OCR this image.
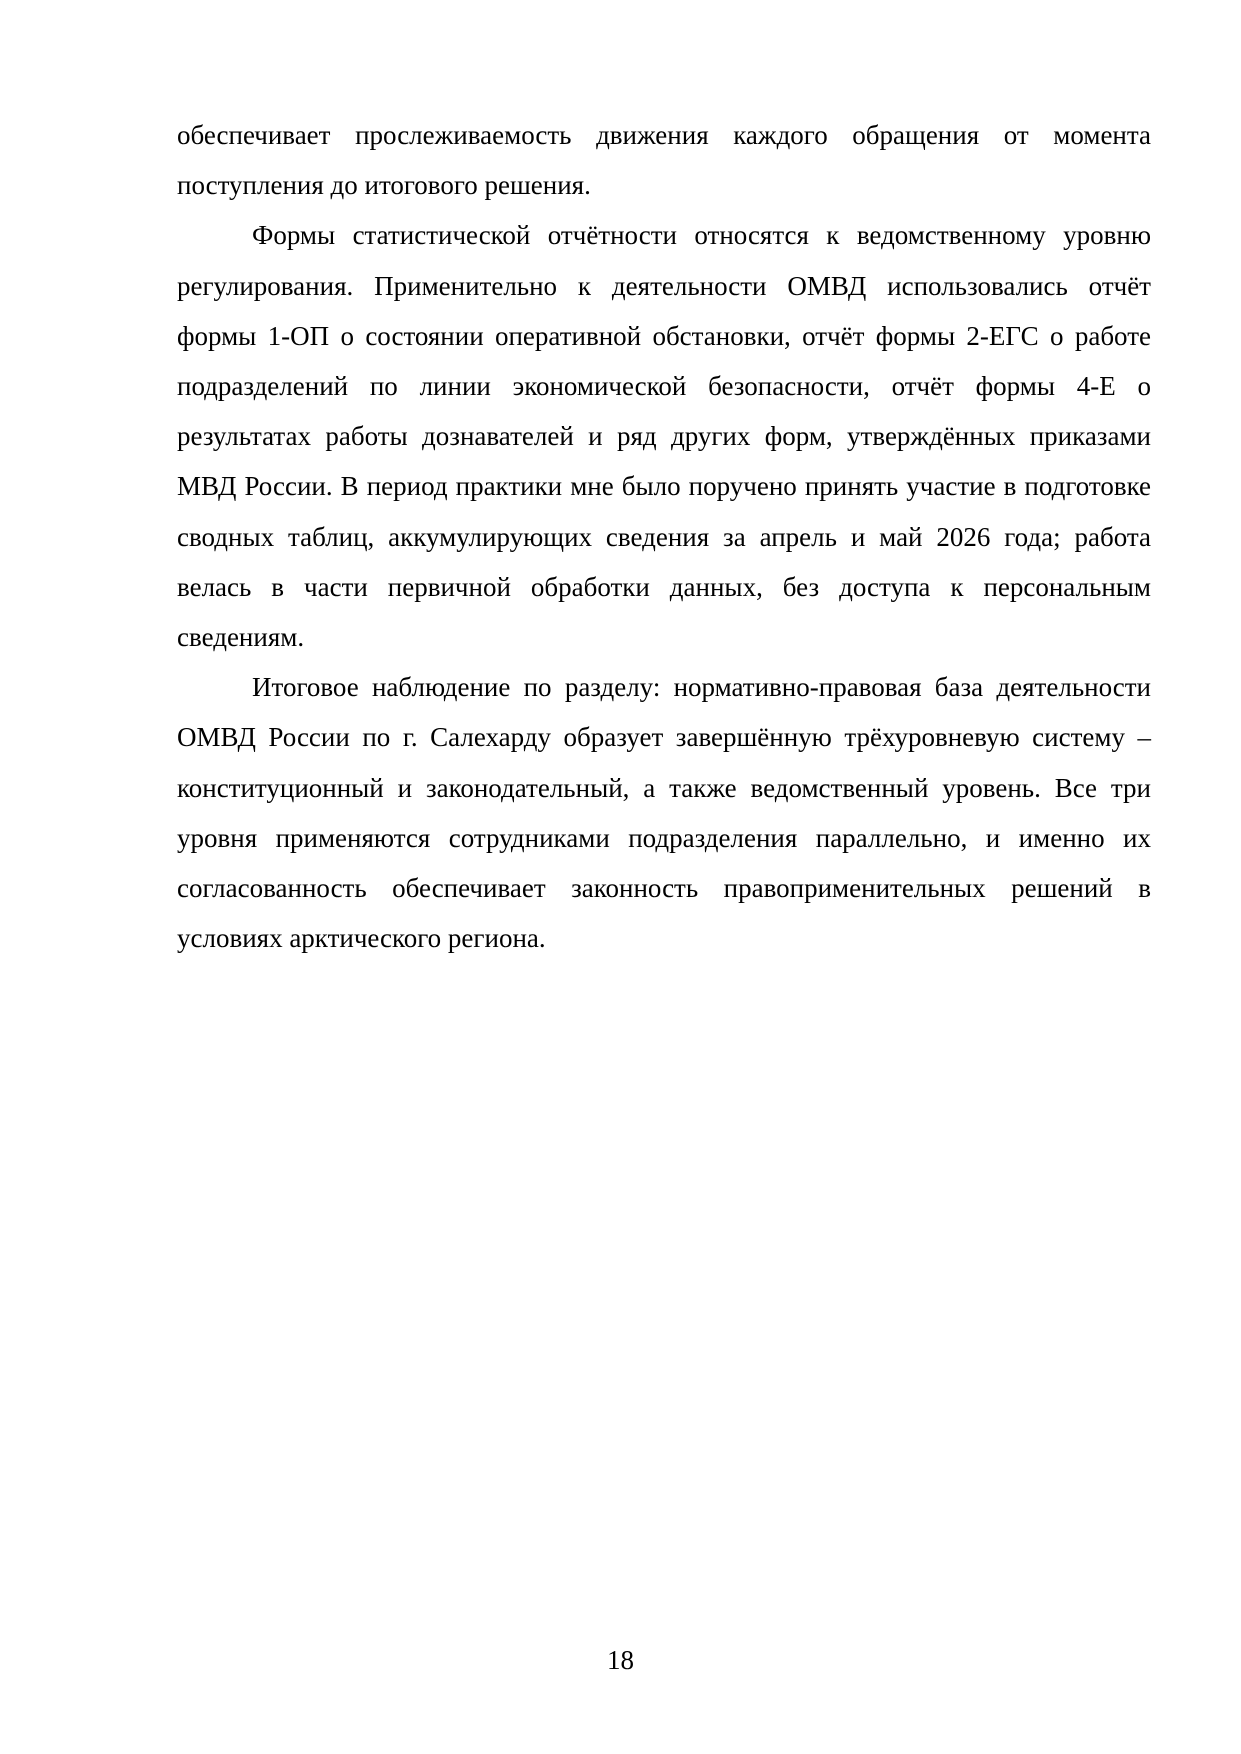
обеспечивает прослеживаемость движения каждого обращения от момента поступления до итогового решения.

Формы статистической отчётности относятся к ведомственному уровню регулирования. Применительно к деятельности ОМВД использовались отчёт формы 1-ОП о состоянии оперативной обстановки, отчёт формы 2-ЕГС о работе подразделений по линии экономической безопасности, отчёт формы 4-Е о результатах работы дознавателей и ряд других форм, утверждённых приказами МВД России. В период практики мне было поручено принять участие в подготовке сводных таблиц, аккумулирующих сведения за апрель и май 2026 года; работа велась в части первичной обработки данных, без доступа к персональным сведениям.

Итоговое наблюдение по разделу: нормативно-правовая база деятельности ОМВД России по г. Салехарду образует завершённую трёхуровневую систему – конституционный и законодательный, а также ведомственный уровень. Все три уровня применяются сотрудниками подразделения параллельно, и именно их согласованность обеспечивает законность правоприменительных решений в условиях арктического региона.

18
